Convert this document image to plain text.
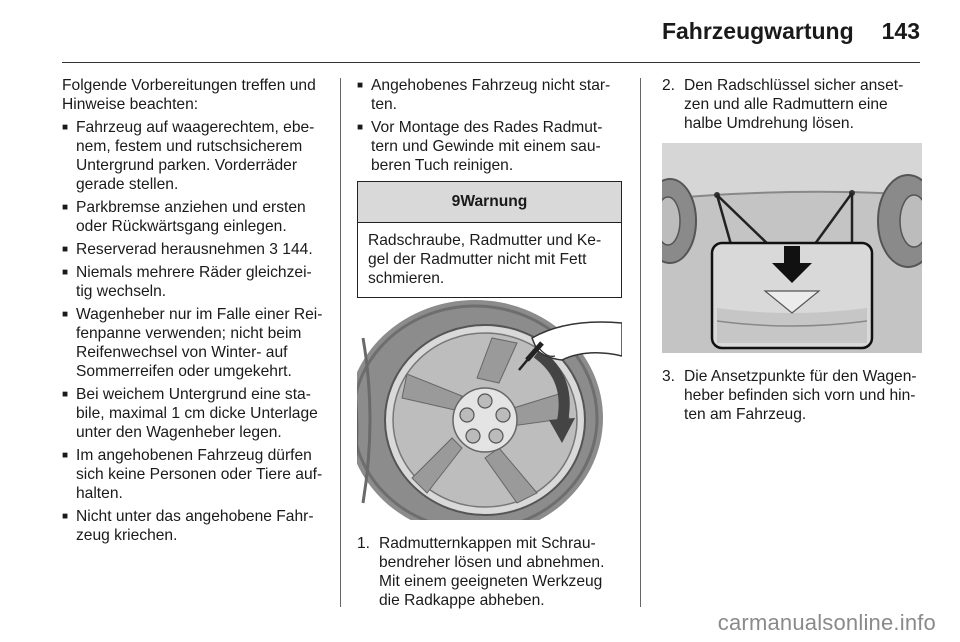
Fahrzeugwartung 143

Folgende Vorbereitungen treffen und Hinweise beachten:

■ Fahrzeug auf waagerechtem, ebe- nem, festem und rutschsicherem Untergrund parken. Vorderräder gerade stellen.
■ Parkbremse anziehen und ersten oder Rückwärtsgang einlegen.
■ Reserverad herausnehmen 3 144.
■ Niemals mehrere Räder gleichzei- tig wechseln.
■ Wagenheber nur im Falle einer Rei- fenpanne verwenden; nicht beim Reifenwechsel von Winter- auf Sommerreifen oder umgekehrt.
■ Bei weichem Untergrund eine sta- bile, maximal 1 cm dicke Unterlage unter den Wagenheber legen.
■ Im angehobenen Fahrzeug dürfen sich keine Personen oder Tiere auf- halten.
■ Nicht unter das angehobene Fahr- zeug kriechen.
■ Angehobenes Fahrzeug nicht star- ten.
■ Vor Montage des Rades Radmut- tern und Gewinde mit einem sau- beren Tuch reinigen.
9Warnung
Radschraube, Radmutter und Ke- gel der Radmutter nicht mit Fett schmieren.
1. Radmutternkappen mit Schrau- bendreher lösen und abnehmen. Mit einem geeigneten Werkzeug die Radkappe abheben.
2. Den Radschlüssel sicher anset- zen und alle Radmuttern eine halbe Umdrehung lösen.
3. Die Ansetzpunkte für den Wagen- heber befinden sich vorn und hin- ten am Fahrzeug.
carmanualsonline.info
